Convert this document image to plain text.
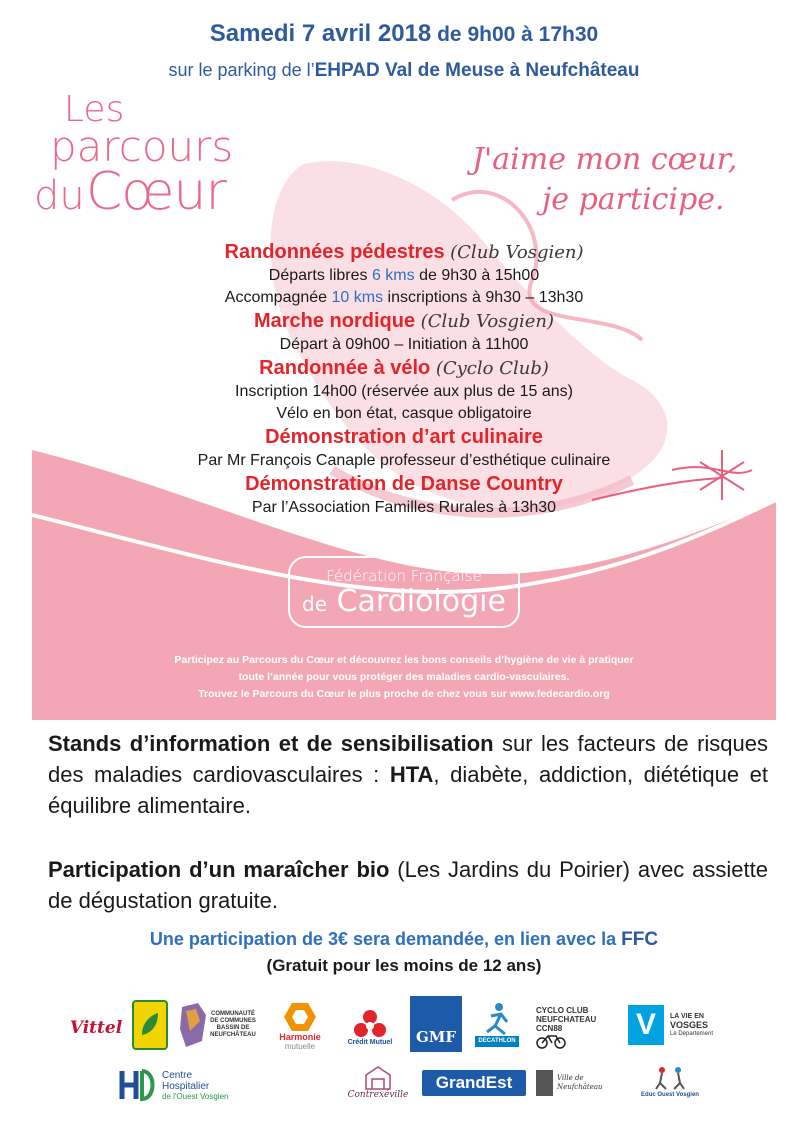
Samedi 7 avril 2018 de 9h00 à 17h30
sur le parking de l’EHPAD Val de Meuse à Neufchâteau
Les
parcours
du Cœur
J'aime mon cœur,
je participe.
Randonnées pédestres (Club Vosgien)
Départs libres 6 kms de 9h30 à 15h00
Accompagnée 10 kms inscriptions à 9h30 – 13h30
Marche nordique (Club Vosgien)
Départ à 09h00 – Initiation à 11h00
Randonnée à vélo (Cyclo Club)
Inscription 14h00 (réservée aux plus de 15 ans)
Vélo en bon état, casque obligatoire
Démonstration d’art culinaire
Par Mr François Canaple professeur d’esthétique culinaire
Démonstration de Danse Country
Par l’Association Familles Rurales à 13h30
Fédération Française
de Cardiologie
Participez au Parcours du Cœur et découvrez les bons conseils d’hygiène de vie à pratiquer
toute l’année pour vous protéger des maladies cardio-vasculaires.
Trouvez le Parcours du Cœur le plus proche de chez vous sur www.fedecardio.org
Stands d’information et de sensibilisation sur les facteurs de risques des maladies cardiovasculaires : HTA, diabète, addiction, diététique et équilibre alimentaire.
Participation d’un maraîcher bio (Les Jardins du Poirier) avec assiette de dégustation gratuite.
Une participation de 3€ sera demandée, en lien avec la FFC
(Gratuit pour les moins de 12 ans)
Vittel
COMMUNAUTÉ DE COMMUNES BASSIN DE NEUFCHÂTEAU	Harmonie
mutuelle	Crédit Mutuel GMF	DECATHLON
CYCLO CLUB
NEUFCHATEAU
CCN88 V	LA VIE EN
VOSGES
Le Département
Centre
Hospitalier
de l'Ouest Vosgien	Contrexéville
GrandEst	Ville de Neufchâteau
Educ Ouest Vosgien
